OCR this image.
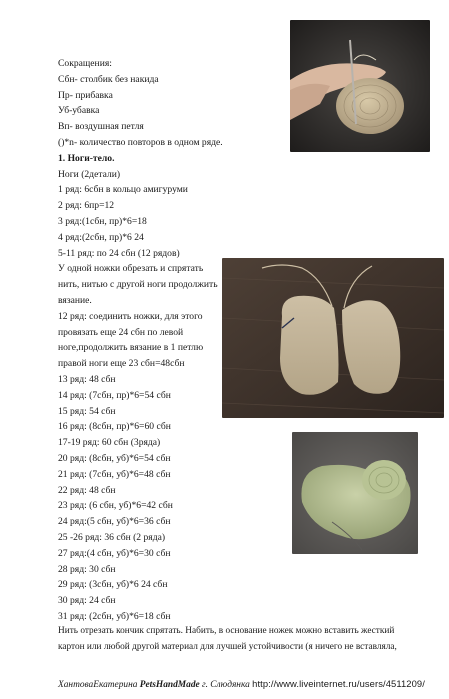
Сокращения:
Сбн- столбик без накида
Пр- прибавка
Уб-убавка
Вп- воздушная петля
()*n- количество повторов в одном ряде.
1. Ноги-тело.
Ноги (2детали)
1 ряд: 6сбн в кольцо амигуруми
2 ряд: 6пр=12
3 ряд:(1сбн, пр)*6=18
4 ряд:(2сбн, пр)*6 24
5-11 ряд: по 24 сбн (12 рядов)
У одной ножки обрезать и спрятать
нить, нитью с другой ноги продолжить
вязание.
12 ряд: соединить ножки, для этого
провязать еще 24 сбн по левой
ноге,продолжить вязание в 1 петлю
правой ноги еще 23 сбн=48сбн
13 ряд: 48 сбн
14 ряд: (7сбн, пр)*6=54 сбн
15 ряд: 54 сбн
16 ряд: (8сбн, пр)*6=60 сбн
17-19 ряд: 60 сбн (3ряда)
20 ряд: (8сбн, уб)*6=54 сбн
21 ряд: (7сбн, уб)*6=48 сбн
22 ряд: 48 сбн
23 ряд: (6 сбн, уб)*6=42 сбн
24 ряд:(5 сбн, уб)*6=36 сбн
25 -26 ряд: 36 сбн (2 ряда)
27 ряд:(4 сбн, уб)*6=30 сбн
28 ряд: 30 сбн
29 ряд: (3сбн, уб)*6 24 сбн
30 ряд: 24 сбн
31 ряд: (2сбн, уб)*6=18 сбн
Нить отрезать кончик спрятать. Набить, в основание ножек можно вставить жесткий
картон или любой другой материал для лучшей устойчивости (я ничего не вставляла,
ХантоваЕкатерина PetsHandMade г. Слюдянка http://www.liveinternet.ru/users/4511209/
